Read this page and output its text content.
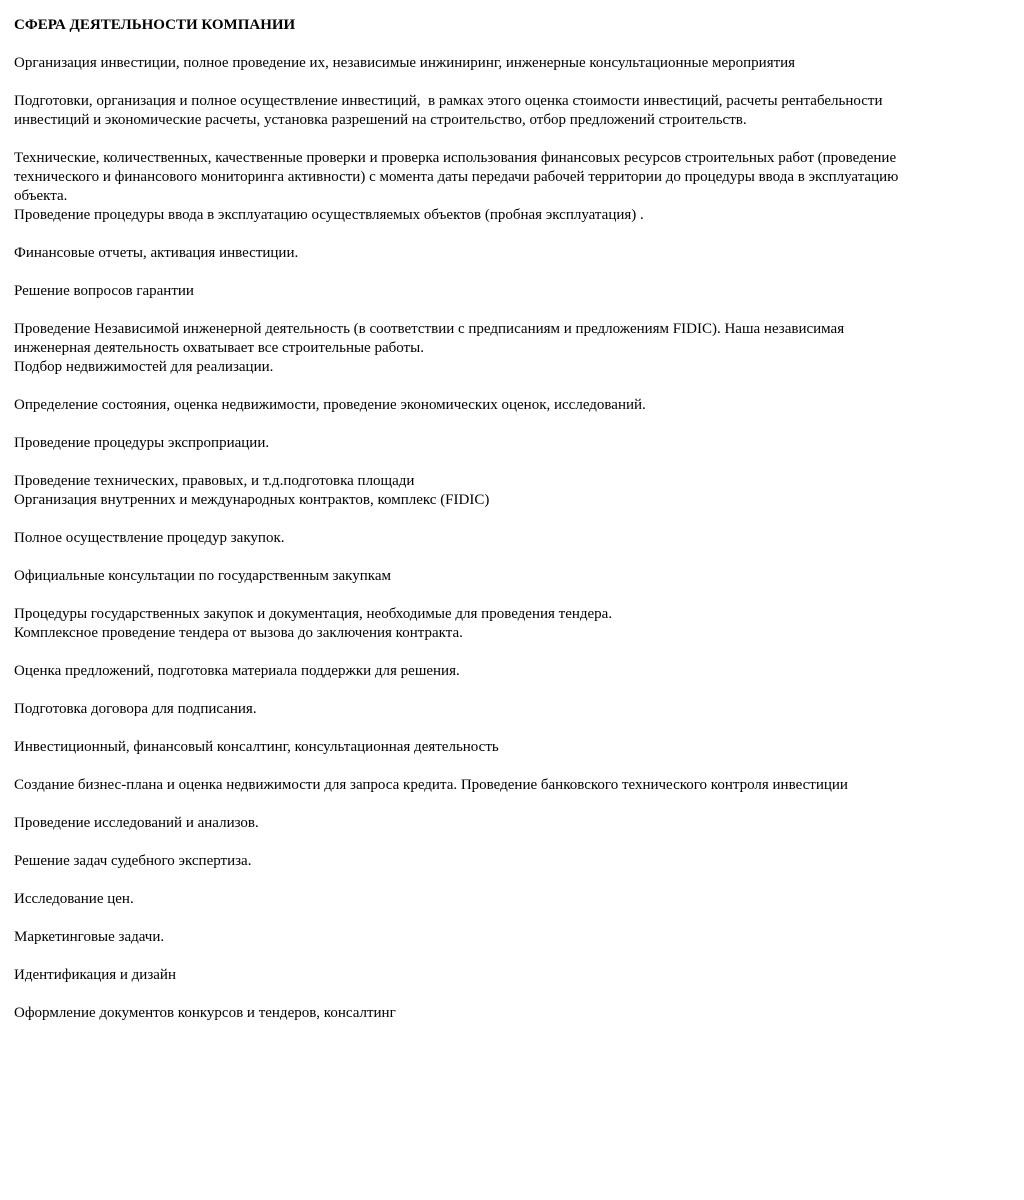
СФЕРА ДЕЯТЕЛЬНОСТИ КОМПАНИИ
Организация инвестиции, полное проведение их, независимые инжиниринг, инженерные консультационные мероприятия
Подготовки, организация и полное осуществление инвестиций,  в рамках этого оценка стоимости инвестиций, расчеты рентабельности
инвестиций и экономические расчеты, установка разрешений на строительство, отбор предложений строительств.
Технические, количественных, качественные проверки и проверка использования финансовых ресурсов строительных работ (проведение
технического и финансового мониторинга активности) с момента даты передачи рабочей территории до процедуры ввода в эксплуатацию
объекта.
Проведение процедуры ввода в эксплуатацию осуществляемых объектов (пробная эксплуатация) .
Финансовые отчеты, активация инвестиции.
Решение вопросов гарантии
Проведение Независимой инженерной деятельность (в соответствии с предписаниям и предложениям FIDIC). Наша независимая
инженерная деятельность охватывает все строительные работы.
Подбор недвижимостей для реализации.
Определение состояния, оценка недвижимости, проведение экономических оценок, исследований.
Проведение процедуры экспроприации.
Проведение технических, правовых, и т.д.подготовка площади
Организация внутренних и международных контрактов, комплекс (FIDIC)
Полное осуществление процедур закупок.
Официальные консультации по государственным закупкам
Процедуры государственных закупок и документация, необходимые для проведения тендера.
Комплексное проведение тендера от вызова до заключения контракта.
Оценка предложений, подготовка материала поддержки для решения.
Подготовка договора для подписания.
Инвестиционный, финансовый консалтинг, консультационная деятельность
Создание бизнес-плана и оценка недвижимости для запроса кредита. Проведение банковского технического контроля инвестиции
Проведение исследований и анализов.
Решение задач судебного экспертиза.
Исследование цен.
Маркетинговые задачи.
Идентификация и дизайн
Оформление документов конкурсов и тендеров, консалтинг
